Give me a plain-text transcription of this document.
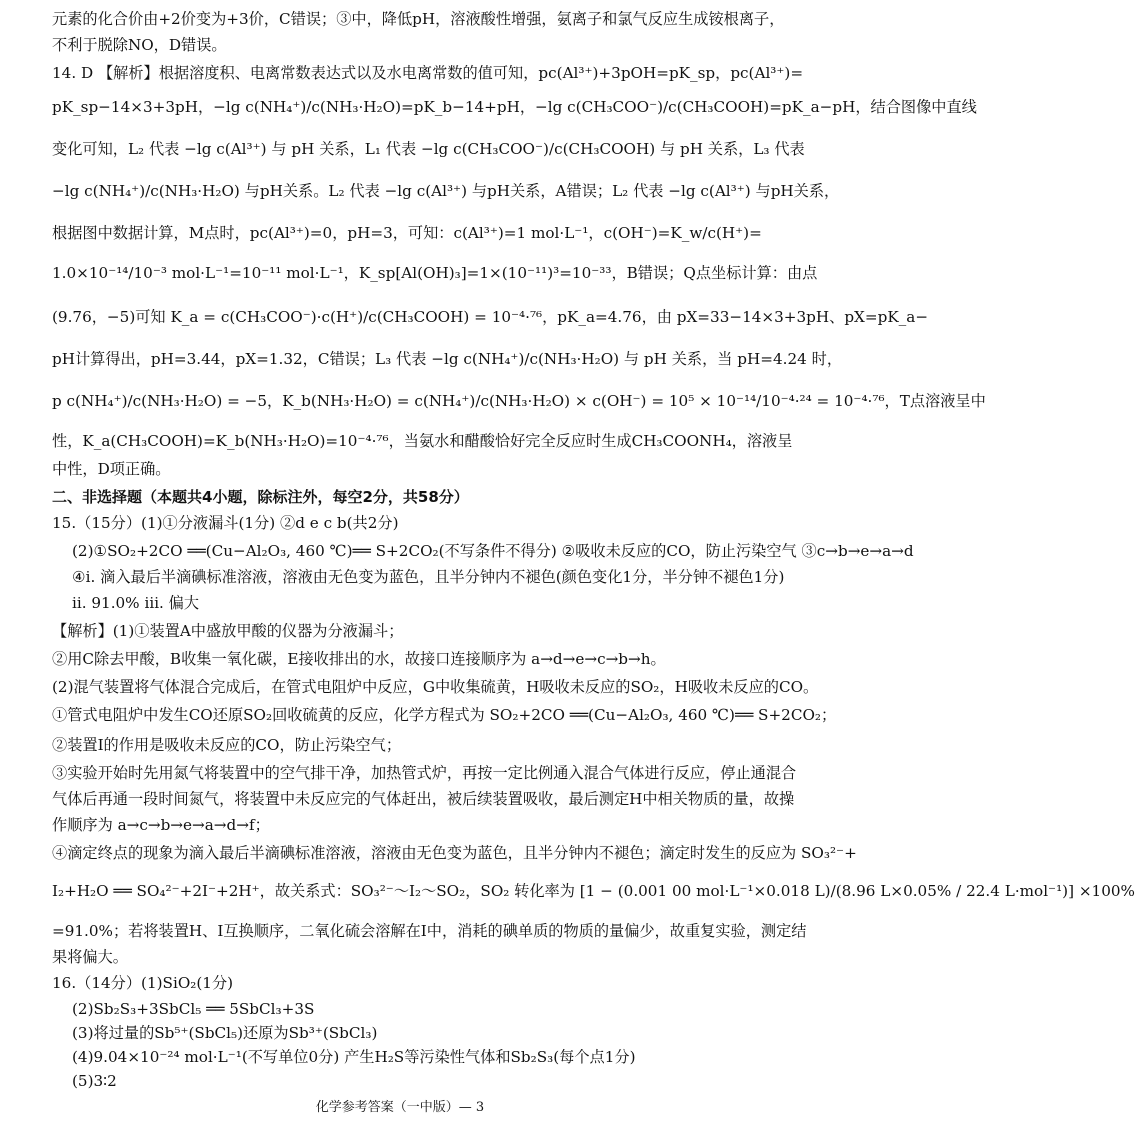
元素的化合价由+2价变为+3价，C错误；③中，降低pH，溶液酸性增强，氨离子和氯气反应生成铵根离子，
不利于脱除NO，D错误。
14. D 【解析】根据溶度积、电离常数表达式以及水电离常数的值可知，pc(Al³⁺)+3pOH=pK_sp，pc(Al³⁺)=
pK_sp−14×3+3pH，−lg c(NH₄⁺)/c(NH₃·H₂O)=pK_b−14+pH，−lg c(CH₃COO⁻)/c(CH₃COOH)=pK_a−pH，结合图像中直线
变化可知，L₂ 代表 −lg c(Al³⁺) 与 pH 关系，L₁ 代表 −lg c(CH₃COO⁻)/c(CH₃COOH) 与 pH 关系，L₃ 代表
−lg c(NH₄⁺)/c(NH₃·H₂O) 与pH关系。L₂ 代表 −lg c(Al³⁺) 与pH关系，A错误；L₂ 代表 −lg c(Al³⁺) 与pH关系，
根据图中数据计算，M点时，pc(Al³⁺)=0，pH=3，可知：c(Al³⁺)=1 mol·L⁻¹，c(OH⁻)=K_w/c(H⁺)=
1.0×10⁻¹⁴/10⁻³ mol·L⁻¹=10⁻¹¹ mol·L⁻¹，K_sp[Al(OH)₃]=1×(10⁻¹¹)³=10⁻³³，B错误；Q点坐标计算：由点
(9.76，−5)可知 K_a = c(CH₃COO⁻)·c(H⁺)/c(CH₃COOH) = 10⁻⁴·⁷⁶，pK_a=4.76，由 pX=33−14×3+3pH、pX=pK_a−
pH计算得出，pH=3.44，pX=1.32，C错误；L₃ 代表 −lg c(NH₄⁺)/c(NH₃·H₂O) 与 pH 关系，当 pH=4.24 时，
p c(NH₄⁺)/c(NH₃·H₂O) = −5，K_b(NH₃·H₂O) = c(NH₄⁺)/c(NH₃·H₂O) × c(OH⁻) = 10⁵ × 10⁻¹⁴/10⁻⁴·²⁴ = 10⁻⁴·⁷⁶，T点溶液呈中
性，K_a(CH₃COOH)=K_b(NH₃·H₂O)=10⁻⁴·⁷⁶，当氨水和醋酸恰好完全反应时生成CH₃COONH₄，溶液呈
中性，D项正确。
二、非选择题（本题共4小题，除标注外，每空2分，共58分）
15.（15分）(1)①分液漏斗(1分) ②d e c b(共2分)
(2)①SO₂+2CO ══(Cu−Al₂O₃, 460 ℃)══ S+2CO₂(不写条件不得分) ②吸收未反应的CO，防止污染空气 ③c→b→e→a→d
④ⅰ. 滴入最后半滴碘标准溶液，溶液由无色变为蓝色，且半分钟内不褪色(颜色变化1分，半分钟不褪色1分)
ⅱ. 91.0% ⅲ. 偏大
【解析】(1)①装置A中盛放甲酸的仪器为分液漏斗；
②用C除去甲酸，B收集一氧化碳，E接收排出的水，故接口连接顺序为 a→d→e→c→b→h。
(2)混气装置将气体混合完成后，在管式电阻炉中反应，G中收集硫黄，H吸收未反应的SO₂，H吸收未反应的CO。
①管式电阻炉中发生CO还原SO₂回收硫黄的反应，化学方程式为 SO₂+2CO ══(Cu−Al₂O₃, 460 ℃)══ S+2CO₂；
②装置Ⅰ的作用是吸收未反应的CO，防止污染空气；
③实验开始时先用氮气将装置中的空气排干净，加热管式炉，再按一定比例通入混合气体进行反应，停止通混合
气体后再通一段时间氮气，将装置中未反应完的气体赶出，被后续装置吸收，最后测定H中相关物质的量，故操
作顺序为 a→c→b→e→a→d→f；
④滴定终点的现象为滴入最后半滴碘标准溶液，溶液由无色变为蓝色，且半分钟内不褪色；滴定时发生的反应为 SO₃²⁻+
I₂+H₂O ══ SO₄²⁻+2I⁻+2H⁺，故关系式：SO₃²⁻～I₂～SO₂，SO₂ 转化率为 [1 − (0.001 00 mol·L⁻¹×0.018 L)/(8.96 L×0.05% / 22.4 L·mol⁻¹)] ×100%
=91.0%；若将装置H、I互换顺序，二氧化硫会溶解在I中，消耗的碘单质的物质的量偏少，故重复实验，测定结
果将偏大。
16.（14分）(1)SiO₂(1分)
(2)Sb₂S₃+3SbCl₅ ══ 5SbCl₃+3S
(3)将过量的Sb⁵⁺(SbCl₅)还原为Sb³⁺(SbCl₃)
(4)9.04×10⁻²⁴ mol·L⁻¹(不写单位0分) 产生H₂S等污染性气体和Sb₂S₃(每个点1分)
(5)3∶2
化学参考答案（一中版）— 3
